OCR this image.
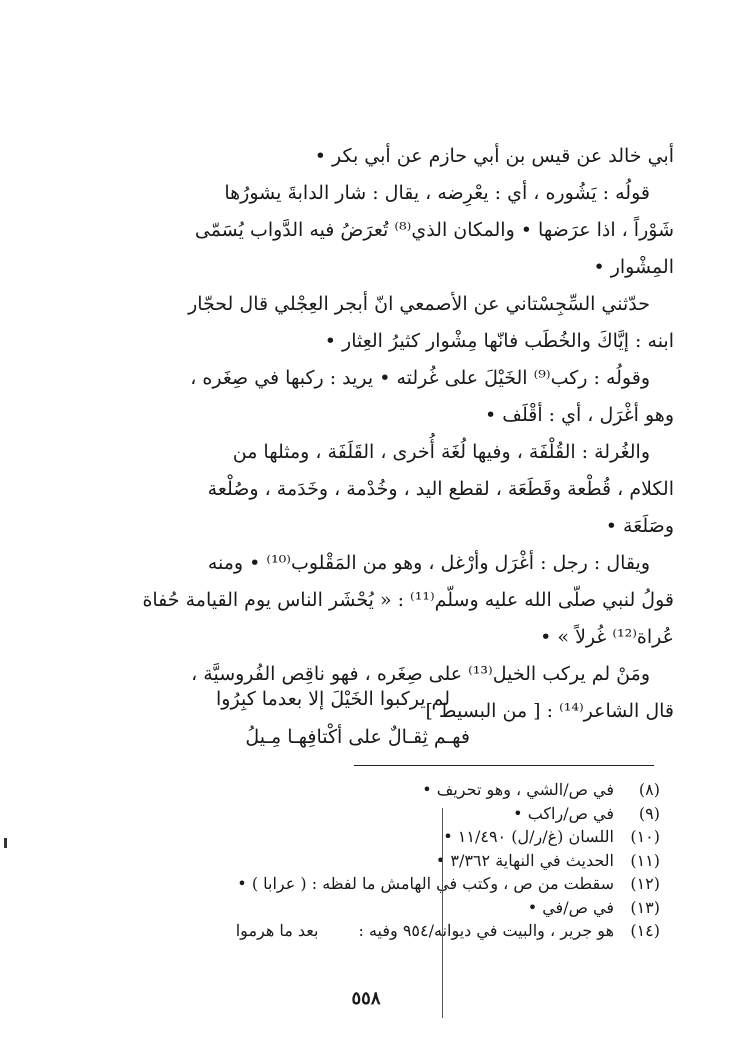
أبي خالد عن قيس بن أبي حازم عن أبي بكر •

قولُه : يَشُوره ، أي : يعْرِضه ، يقال : شار الدابةَ يشورُها

شَوْراً ، اذا عرَضها • والمكان الذي⁽⁸⁾ تُعرَضُ فيه الدَّواب يُسَمّى

المِشْوار •

حدّثني السِّجِسْتاني عن الأصمعي انّ أبجر العِجْلي قال لحجّار

ابنه : إيَّاكَ والخُطَب فانّها مِشْوار كثيرُ العِثار •

وقولُه : ركب⁽⁹⁾ الخَيْلَ على غُرلته • يريد : ركبها في صِغَره ،

وهو أغْرَل ، أي : أقْلَف •

والغُرلة : القُلْفَة ، وفيها لُغَة أُخرى ، القَلَفَة ، ومثلها من

الكلام ، قُطْعة وقَطَعَة ، لقطع اليد ، وخُدْمة ، وخَدَمة ، وصُلْعة

وصَلَعَة •

ويقال : رجل : أغْرَل وأرْغل ، وهو من المَقْلوب⁽¹⁰⁾ • ومنه

قولُ لنبي صلّى الله عليه وسلّم⁽¹¹⁾ : « يُحْشَر الناس يوم القيامة حُفاة

عُراة⁽¹²⁾ غُرلاً » •

ومَنْ لم يركب الخيل⁽¹³⁾ على صِغَره ، فهو ناقِص الفُروسيَّة ،

قال الشاعر⁽¹⁴⁾ : [ من البسيط ]

لم يركبوا الخَيْلَ إلا بعدما كبِرُوا
فهـم ثِقـالٌ على أكْتافِهـا مِـيلُ
(٨)
في ص/الشي ، وهو تحريف •
(٩)
في ص/راكب •
(١٠)
اللسان (غ/ر/ل) ١١/٤٩٠ •
(١١)
الحديث في النهاية ٣/٣٦٢ •
(١٢)
سقطت من ص ، وكتب في الهامش ما لفظه : ( عرابا ) •
(١٣)
في ص/في •
(١٤)
هو جرير ، والبيت في ديوانه/٩٥٤ وفيه :بعد ما هرموا
٥٥٨
